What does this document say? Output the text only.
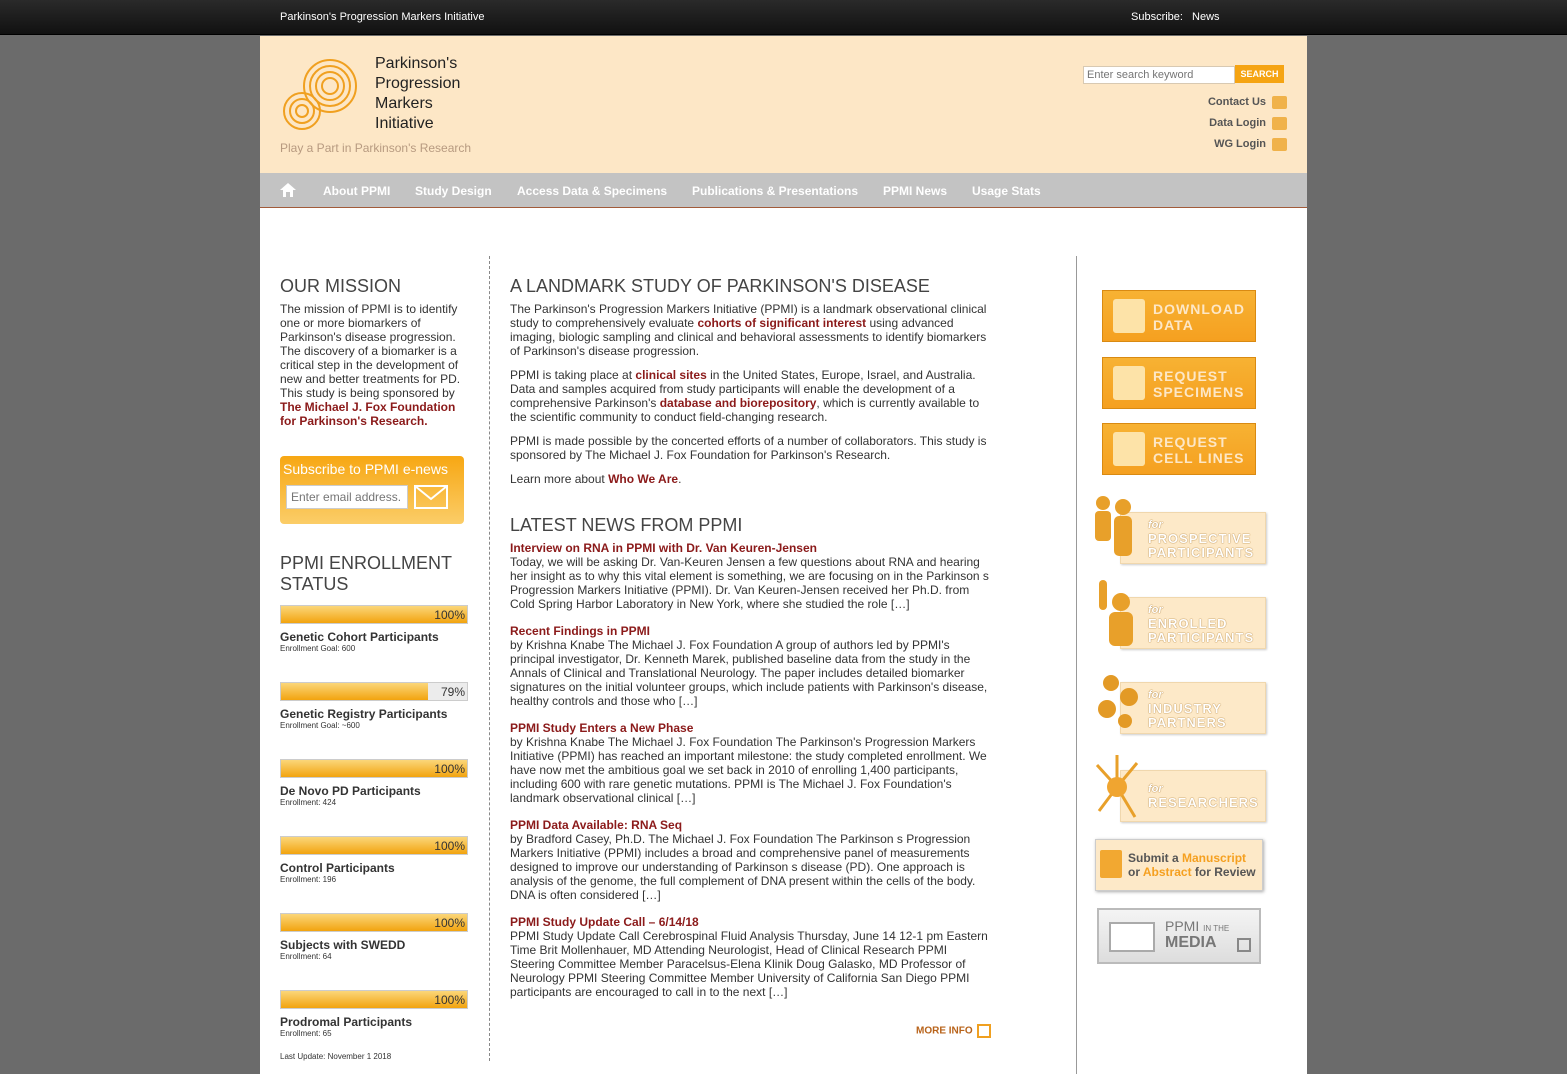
Parkinson's Progression Markers Initiative	Subscribe: News
Parkinson's
Progression
Markers
Initiative
Play a Part in Parkinson's Research
Enter search keyword
SEARCH
Contact Us
Data Login
WG Login
About PPMI Study Design Access Data & Specimens Publications & Presentations PPMI News Usage Stats
OUR MISSION

The mission of PPMI is to identify one or more biomarkers of Parkinson's disease progression. The discovery of a biomarker is a critical step in the development of new and better treatments for PD. This study is being sponsored by The Michael J. Fox Foundation for Parkinson's Research.

Subscribe to PPMI e-news
Enter email address.
PPMI ENROLLMENT STATUS
100%
Genetic Cohort Participants
Enrollment Goal: 600
79%
Genetic Registry Participants
Enrollment Goal: ~600
100%
De Novo PD Participants
Enrollment: 424
100%
Control Participants
Enrollment: 196
100%
Subjects with SWEDD
Enrollment: 64
100%
Prodromal Participants
Enrollment: 65
Last Update: November 1 2018
A LANDMARK STUDY OF PARKINSON'S DISEASE

The Parkinson's Progression Markers Initiative (PPMI) is a landmark observational clinical study to comprehensively evaluate cohorts of significant interest using advanced imaging, biologic sampling and clinical and behavioral assessments to identify biomarkers of Parkinson's disease progression.

PPMI is taking place at clinical sites in the United States, Europe, Israel, and Australia. Data and samples acquired from study participants will enable the development of a comprehensive Parkinson's database and biorepository, which is currently available to the scientific community to conduct field-changing research.

PPMI is made possible by the concerted efforts of a number of collaborators. This study is sponsored by The Michael J. Fox Foundation for Parkinson's Research.

Learn more about Who We Are.

LATEST NEWS FROM PPMI
Interview on RNA in PPMI with Dr. Van Keuren-Jensen
Today, we will be asking Dr. Van-Keuren Jensen a few questions about RNA and hearing her insight as to why this vital element is something, we are focusing on in the Parkinson s Progression Markers Initiative (PPMI). Dr. Van Keuren-Jensen received her Ph.D. from Cold Spring Harbor Laboratory in New York, where she studied the role […]
Recent Findings in PPMI
by Krishna Knabe The Michael J. Fox Foundation A group of authors led by PPMI's principal investigator, Dr. Kenneth Marek, published baseline data from the study in the Annals of Clinical and Translational Neurology. The paper includes detailed biomarker signatures on the initial volunteer groups, which include patients with Parkinson's disease, healthy controls and those who […]
PPMI Study Enters a New Phase
by Krishna Knabe The Michael J. Fox Foundation The Parkinson's Progression Markers Initiative (PPMI) has reached an important milestone: the study completed enrollment. We have now met the ambitious goal we set back in 2010 of enrolling 1,400 participants, including 600 with rare genetic mutations. PPMI is The Michael J. Fox Foundation's landmark observational clinical […]
PPMI Data Available: RNA Seq
by Bradford Casey, Ph.D. The Michael J. Fox Foundation The Parkinson s Progression Markers Initiative (PPMI) includes a broad and comprehensive panel of measurements designed to improve our understanding of Parkinson s disease (PD). One approach is analysis of the genome, the full complement of DNA present within the cells of the body. DNA is often considered […]
PPMI Study Update Call – 6/14/18
PPMI Study Update Call Cerebrospinal Fluid Analysis Thursday, June 14 12-1 pm Eastern Time Brit Mollenhauer, MD Attending Neurologist, Head of Clinical Research PPMI Steering Committee Member Paracelsus-Elena Klinik Doug Galasko, MD Professor of Neurology PPMI Steering Committee Member University of California San Diego PPMI participants are encouraged to call in to the next […]
MORE INFO
DOWNLOAD
DATA
REQUEST
SPECIMENS
REQUEST
CELL LINES
for
PROSPECTIVE
PARTICIPANTS
for
ENROLLED
PARTICIPANTS
for
INDUSTRY
PARTNERS
for
RESEARCHERS
Submit a Manuscript
or Abstract for Review
PPMI IN THE
MEDIA
